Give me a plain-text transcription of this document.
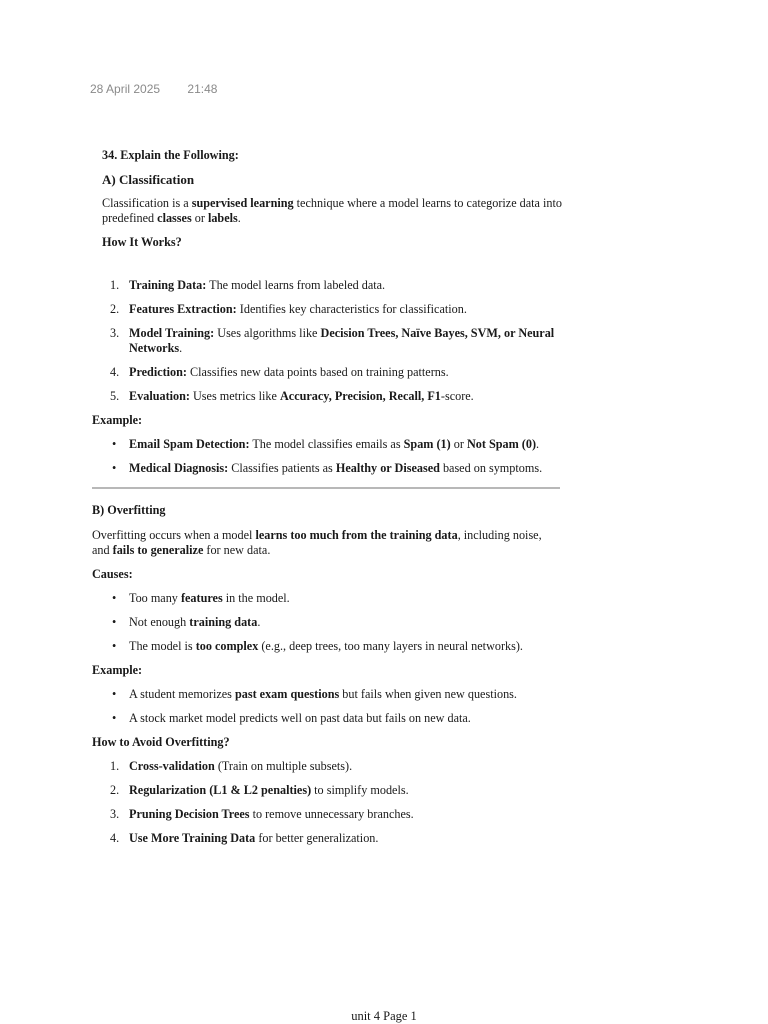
28 April 2025 21:48

34. Explain the Following:

A) Classification

Classification is a supervised learning technique where a model learns to categorize data into predefined classes or labels.

How It Works?

1. Training Data: The model learns from labeled data.
2. Features Extraction: Identifies key characteristics for classification.
3. Model Training: Uses algorithms like Decision Trees, Naïve Bayes, SVM, or Neural Networks.
4. Prediction: Classifies new data points based on training patterns.
5. Evaluation: Uses metrics like Accuracy, Precision, Recall, F1-score.

Example:

• Email Spam Detection: The model classifies emails as Spam (1) or Not Spam (0).
• Medical Diagnosis: Classifies patients as Healthy or Diseased based on symptoms.

B) Overfitting

Overfitting occurs when a model learns too much from the training data, including noise, and fails to generalize for new data.

Causes:

• Too many features in the model.
• Not enough training data.
• The model is too complex (e.g., deep trees, too many layers in neural networks).

Example:

• A student memorizes past exam questions but fails when given new questions.
• A stock market model predicts well on past data but fails on new data.

How to Avoid Overfitting?

1. Cross-validation (Train on multiple subsets).
2. Regularization (L1 & L2 penalties) to simplify models.
3. Pruning Decision Trees to remove unnecessary branches.
4. Use More Training Data for better generalization.
unit 4 Page 1
